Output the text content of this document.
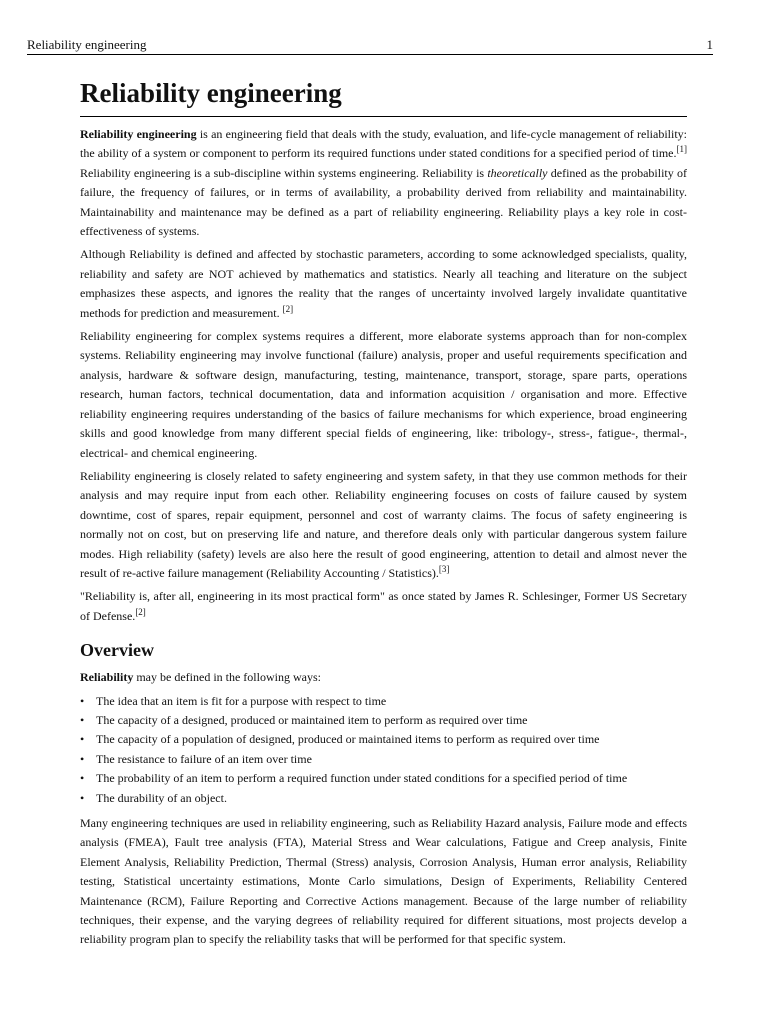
Reliability engineering	1
Reliability engineering

Reliability engineering is an engineering field that deals with the study, evaluation, and life-cycle management of reliability: the ability of a system or component to perform its required functions under stated conditions for a specified period of time.[1] Reliability engineering is a sub-discipline within systems engineering. Reliability is theoretically defined as the probability of failure, the frequency of failures, or in terms of availability, a probability derived from reliability and maintainability. Maintainability and maintenance may be defined as a part of reliability engineering. Reliability plays a key role in cost-effectiveness of systems.

Although Reliability is defined and affected by stochastic parameters, according to some acknowledged specialists, quality, reliability and safety are NOT achieved by mathematics and statistics. Nearly all teaching and literature on the subject emphasizes these aspects, and ignores the reality that the ranges of uncertainty involved largely invalidate quantitative methods for prediction and measurement. [2]

Reliability engineering for complex systems requires a different, more elaborate systems approach than for non-complex systems. Reliability engineering may involve functional (failure) analysis, proper and useful requirements specification and analysis, hardware & software design, manufacturing, testing, maintenance, transport, storage, spare parts, operations research, human factors, technical documentation, data and information acquisition / organisation and more. Effective reliability engineering requires understanding of the basics of failure mechanisms for which experience, broad engineering skills and good knowledge from many different special fields of engineering, like: tribology-, stress-, fatigue-, thermal-, electrical- and chemical engineering.

Reliability engineering is closely related to safety engineering and system safety, in that they use common methods for their analysis and may require input from each other. Reliability engineering focuses on costs of failure caused by system downtime, cost of spares, repair equipment, personnel and cost of warranty claims. The focus of safety engineering is normally not on cost, but on preserving life and nature, and therefore deals only with particular dangerous system failure modes. High reliability (safety) levels are also here the result of good engineering, attention to detail and almost never the result of re-active failure management (Reliability Accounting / Statistics).[3]

"Reliability is, after all, engineering in its most practical form" as once stated by James R. Schlesinger, Former US Secretary of Defense.[2]

Overview

Reliability may be defined in the following ways:

• The idea that an item is fit for a purpose with respect to time
• The capacity of a designed, produced or maintained item to perform as required over time
• The capacity of a population of designed, produced or maintained items to perform as required over time
• The resistance to failure of an item over time
• The probability of an item to perform a required function under stated conditions for a specified period of time
• The durability of an object.

Many engineering techniques are used in reliability engineering, such as Reliability Hazard analysis, Failure mode and effects analysis (FMEA), Fault tree analysis (FTA), Material Stress and Wear calculations, Fatigue and Creep analysis, Finite Element Analysis, Reliability Prediction, Thermal (Stress) analysis, Corrosion Analysis, Human error analysis, Reliability testing, Statistical uncertainty estimations, Monte Carlo simulations, Design of Experiments, Reliability Centered Maintenance (RCM), Failure Reporting and Corrective Actions management. Because of the large number of reliability techniques, their expense, and the varying degrees of reliability required for different situations, most projects develop a reliability program plan to specify the reliability tasks that will be performed for that specific system.
